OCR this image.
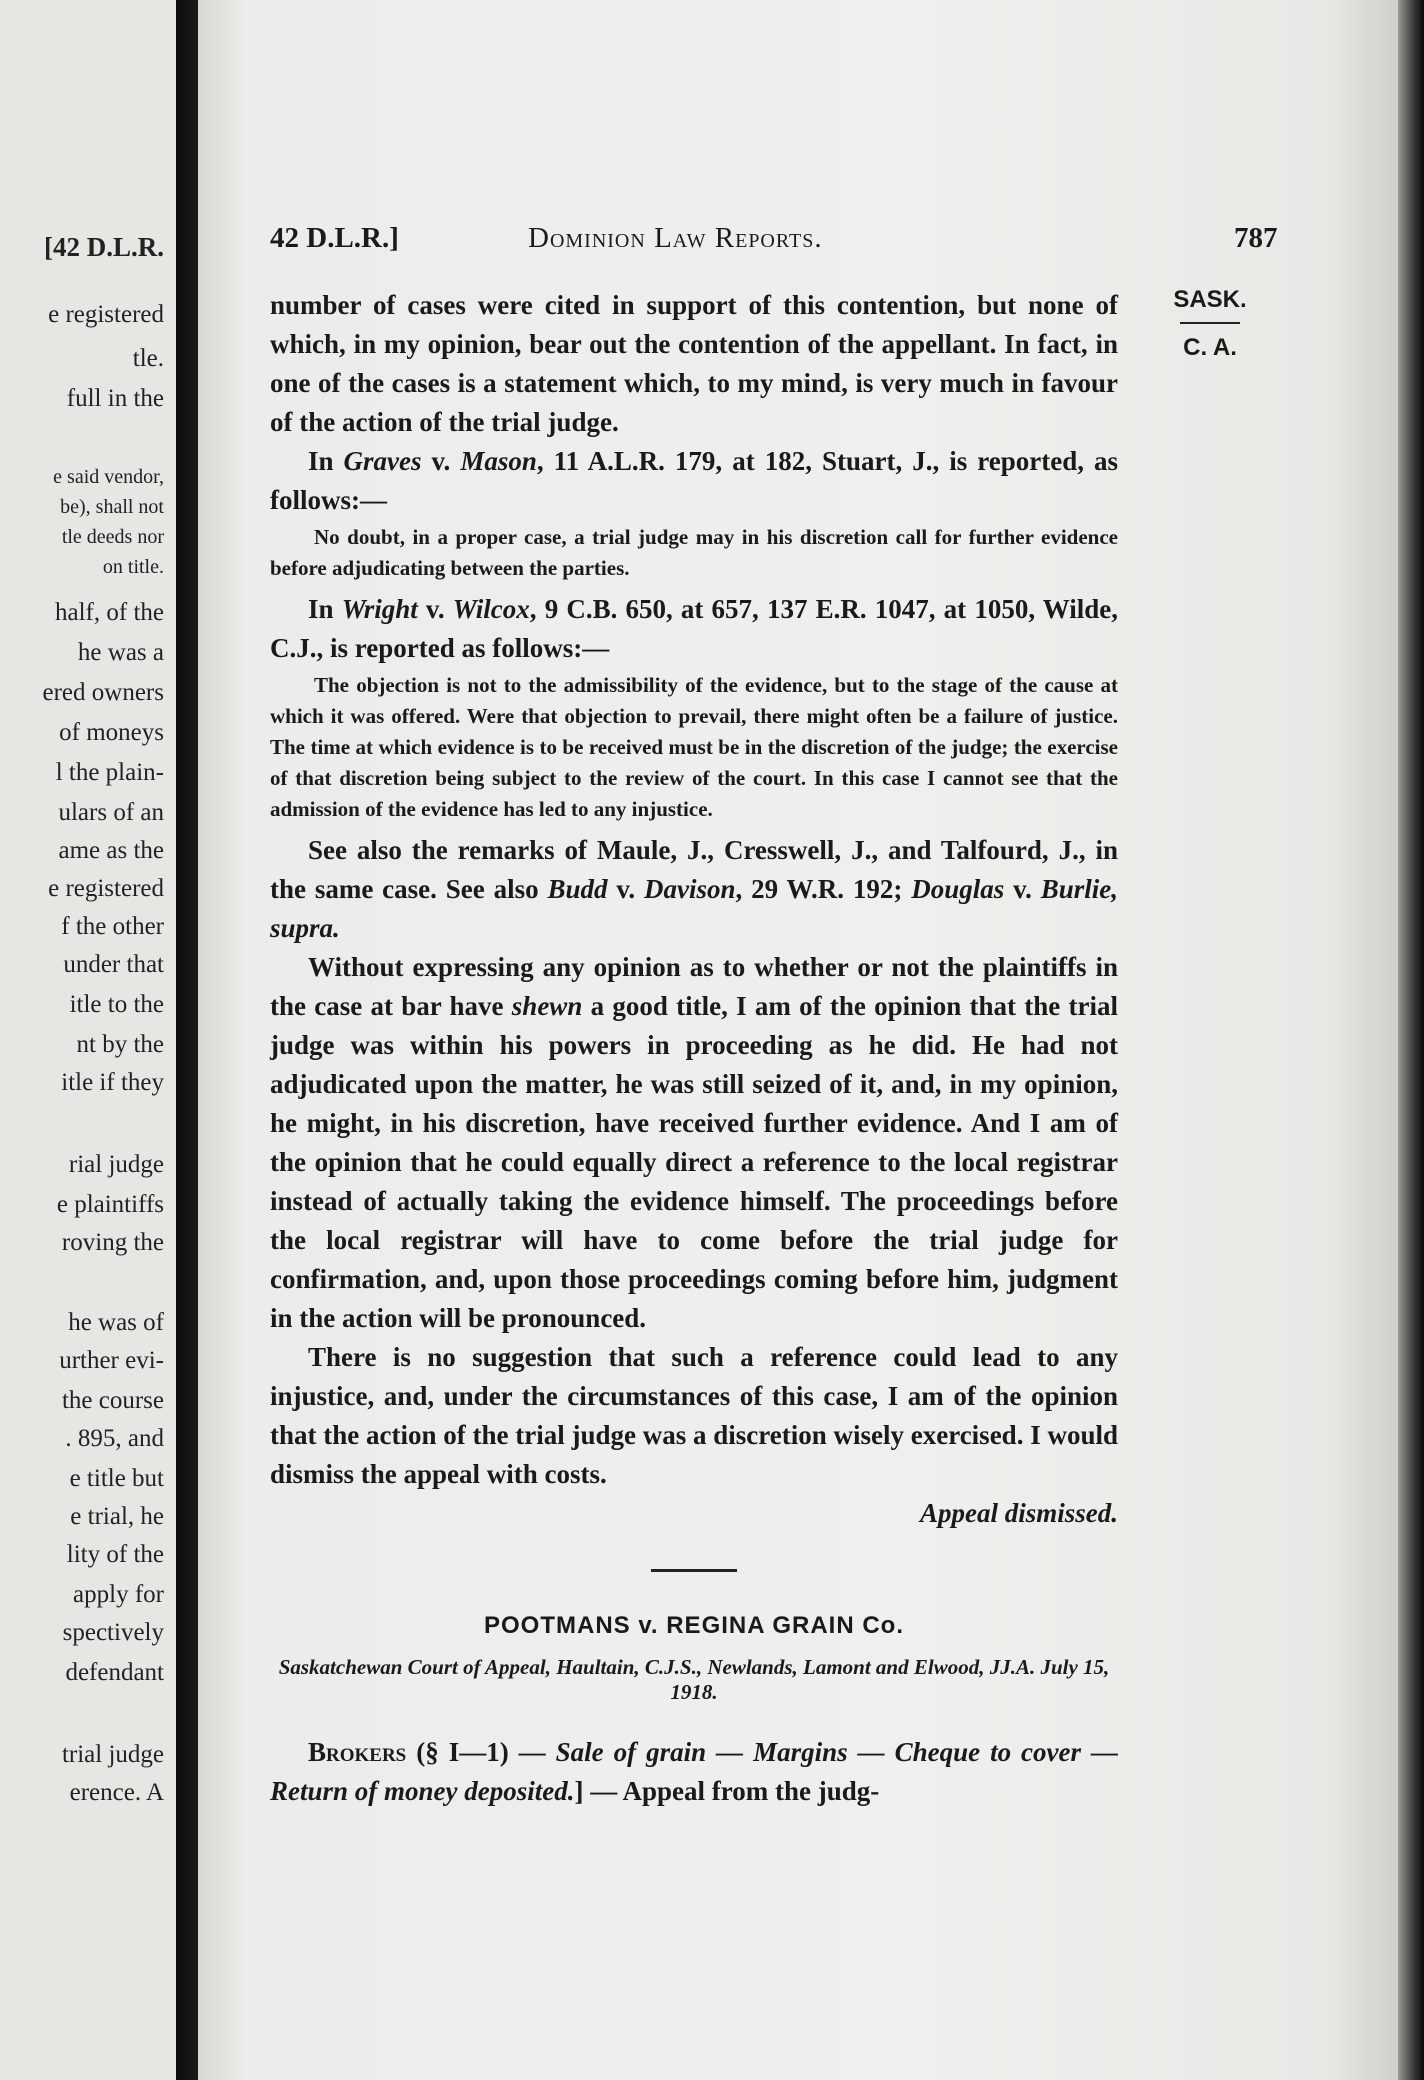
[42 D.L.R.
e registered
tle.
full in the
e said vendor,
be), shall not
tle deeds nor
on title.
half, of the
he was a
ered owners
of moneys
l the plain-
ulars of an
ame as the
e registered
f the other
under that
itle to the
nt by the
itle if they
rial judge
e plaintiffs
roving the
he was of
urther evi-
the course
. 895, and
e title but
e trial, he
lity of the
apply for
spectively
defendant
trial judge
erence. A
42 D.L.R.]	Dominion Law Reports.	787
SASK.
C. A.

number of cases were cited in support of this contention, but none of which, in my opinion, bear out the contention of the appellant. In fact, in one of the cases is a statement which, to my mind, is very much in favour of the action of the trial judge.

In Graves v. Mason, 11 A.L.R. 179, at 182, Stuart, J., is reported, as follows:—

No doubt, in a proper case, a trial judge may in his discretion call for further evidence before adjudicating between the parties.

In Wright v. Wilcox, 9 C.B. 650, at 657, 137 E.R. 1047, at 1050, Wilde, C.J., is reported as follows:—

The objection is not to the admissibility of the evidence, but to the stage of the cause at which it was offered. Were that objection to prevail, there might often be a failure of justice. The time at which evidence is to be received must be in the discretion of the judge; the exercise of that discretion being subject to the review of the court. In this case I cannot see that the admission of the evidence has led to any injustice.

See also the remarks of Maule, J., Cresswell, J., and Talfourd, J., in the same case. See also Budd v. Davison, 29 W.R. 192; Douglas v. Burlie, supra.

Without expressing any opinion as to whether or not the plaintiffs in the case at bar have shewn a good title, I am of the opinion that the trial judge was within his powers in proceeding as he did. He had not adjudicated upon the matter, he was still seized of it, and, in my opinion, he might, in his discretion, have received further evidence. And I am of the opinion that he could equally direct a reference to the local registrar instead of actually taking the evidence himself. The proceedings before the local registrar will have to come before the trial judge for confirmation, and, upon those proceedings coming before him, judgment in the action will be pronounced.

There is no suggestion that such a reference could lead to any injustice, and, under the circumstances of this case, I am of the opinion that the action of the trial judge was a discretion wisely exercised. I would dismiss the appeal with costs.

Appeal dismissed.

POOTMANS v. REGINA GRAIN Co.

Saskatchewan Court of Appeal, Haultain, C.J.S., Newlands, Lamont and Elwood, JJ.A. July 15, 1918.

Brokers (§ I—1) — Sale of grain — Margins — Cheque to cover — Return of money deposited.] — Appeal from the judg-
